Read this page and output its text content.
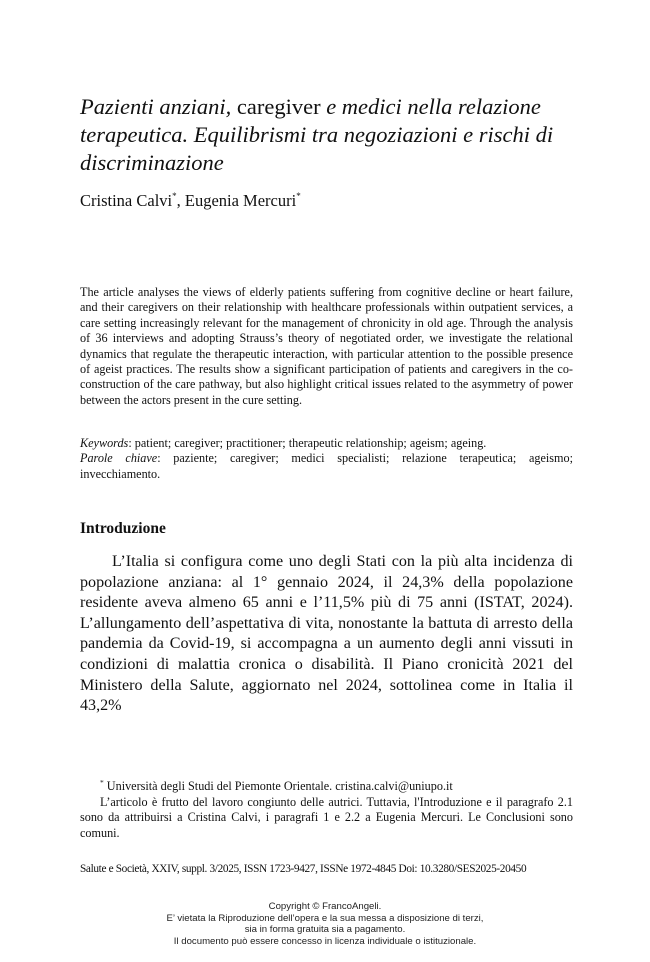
Pazienti anziani, caregiver e medici nella relazione terapeutica. Equilibrismi tra negoziazioni e rischi di discriminazione
Cristina Calvi*, Eugenia Mercuri*
The article analyses the views of elderly patients suffering from cognitive decline or heart failure, and their caregivers on their relationship with healthcare professionals within outpatient services, a care setting increasingly relevant for the management of chronicity in old age. Through the analysis of 36 interviews and adopting Strauss’s theory of negotiated order, we investigate the relational dynamics that regulate the therapeutic interaction, with particular attention to the possible presence of ageist practices. The results show a significant participation of patients and caregivers in the co-construction of the care pathway, but also highlight critical issues related to the asymmetry of power between the actors present in the cure setting.

Keywords: patient; caregiver; practitioner; therapeutic relationship; ageism; ageing.

Parole chiave: paziente; caregiver; medici specialisti; relazione terapeutica; ageismo; invecchiamento.

Introduzione

L’Italia si configura come uno degli Stati con la più alta incidenza di popolazione anziana: al 1° gennaio 2024, il 24,3% della popolazione residente aveva almeno 65 anni e l’11,5% più di 75 anni (ISTAT, 2024). L’allungamento dell’aspettativa di vita, nonostante la battuta di arresto della pandemia da Covid-19, si accompagna a un aumento degli anni vissuti in condizioni di malattia cronica o disabilità. Il Piano cronicità 2021 del Ministero della Salute, aggiornato nel 2024, sottolinea come in Italia il 43,2%

* Università degli Studi del Piemonte Orientale. cristina.calvi@uniupo.it

L’articolo è frutto del lavoro congiunto delle autrici. Tuttavia, l'Introduzione e il paragrafo 2.1 sono da attribuirsi a Cristina Calvi, i paragrafi 1 e 2.2 a Eugenia Mercuri. Le Conclusioni sono comuni.

Salute e Società, XXIV, suppl. 3/2025, ISSN 1723-9427, ISSNe 1972-4845 Doi: 10.3280/SES2025-20450
Copyright © FrancoAngeli.
E’ vietata la Riproduzione dell’opera e la sua messa a disposizione di terzi,
sia in forma gratuita sia a pagamento.
Il documento può essere concesso in licenza individuale o istituzionale.
